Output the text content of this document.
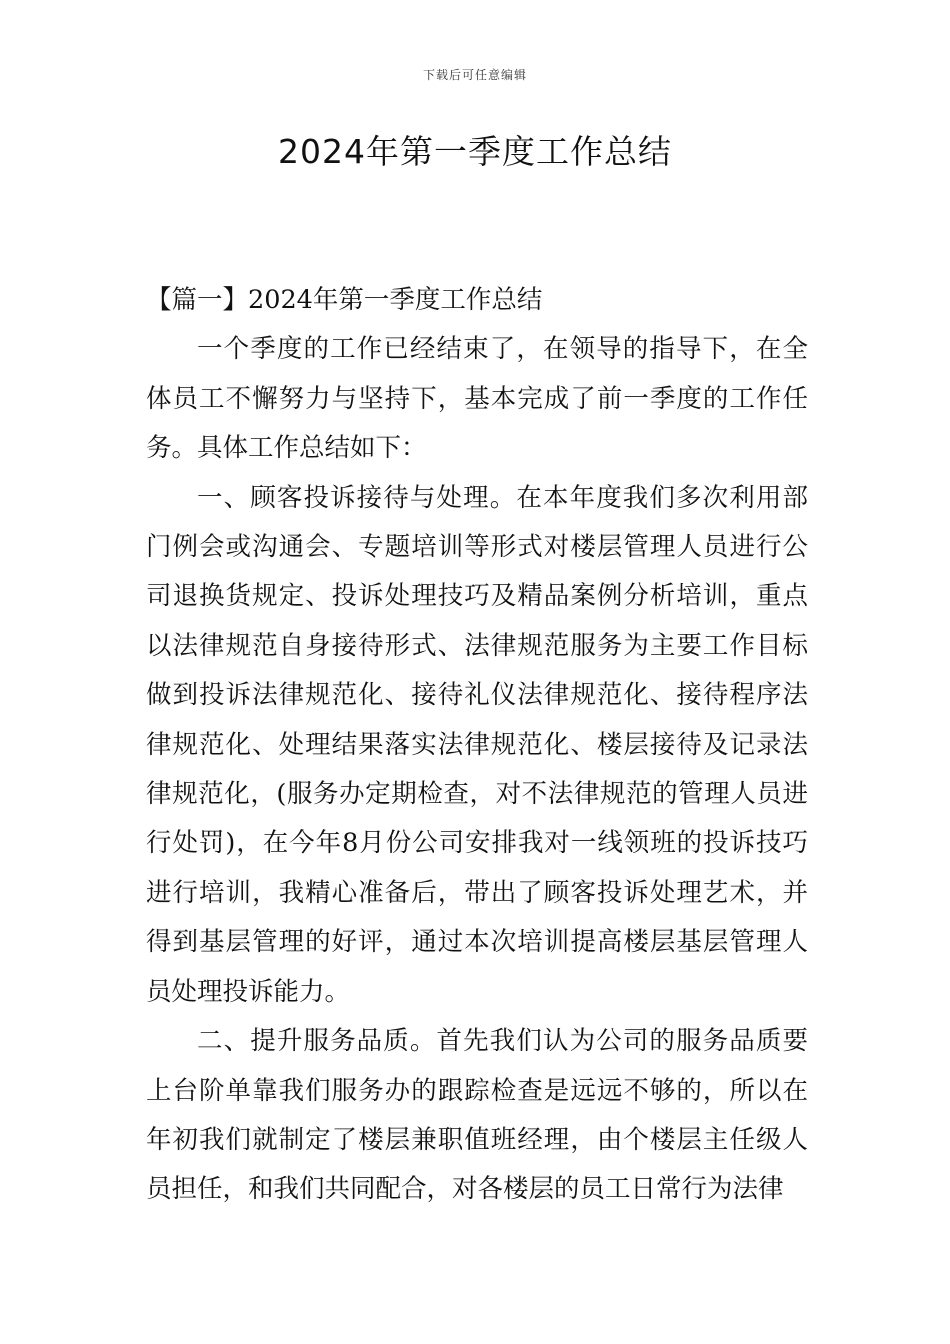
下载后可任意编辑
2024年第一季度工作总结

【篇一】2024年第一季度工作总结

一个季度的工作已经结束了，在领导的指导下，在全体员工不懈努力与坚持下，基本完成了前一季度的工作任务。具体工作总结如下：

一、顾客投诉接待与处理。在本年度我们多次利用部门例会或沟通会、专题培训等形式对楼层管理人员进行公司退换货规定、投诉处理技巧及精品案例分析培训，重点以法律规范自身接待形式、法律规范服务为主要工作目标做到投诉法律规范化、接待礼仪法律规范化、接待程序法律规范化、处理结果落实法律规范化、楼层接待及记录法律规范化，(服务办定期检查，对不法律规范的管理人员进行处罚)，在今年8月份公司安排我对一线领班的投诉技巧进行培训，我精心准备后，带出了顾客投诉处理艺术，并得到基层管理的好评，通过本次培训提高楼层基层管理人员处理投诉能力。

二、提升服务品质。首先我们认为公司的服务品质要上台阶单靠我们服务办的跟踪检查是远远不够的，所以在年初我们就制定了楼层兼职值班经理，由个楼层主任级人员担任，和我们共同配合，对各楼层的员工日常行为法律
